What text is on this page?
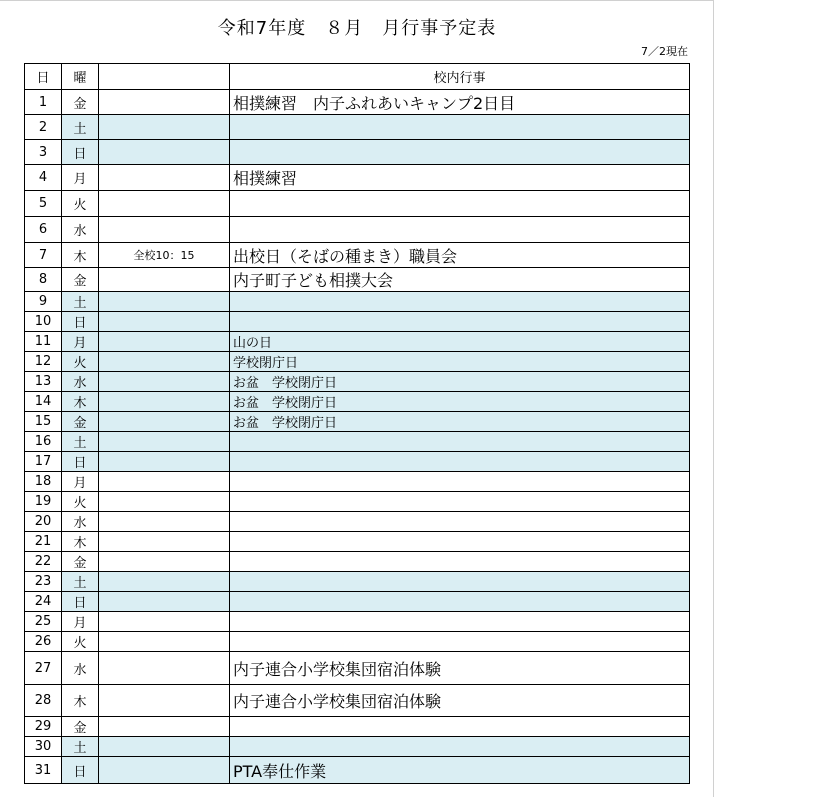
令和7年度　８月　月行事予定表
7／2現在
日	曜		校内行事
1	金		相撲練習　内子ふれあいキャンプ2日目
2	土		
3	日		
4	月		相撲練習
5	火		
6	水		
7	木	全校10：15	出校日（そばの種まき）職員会
8	金		内子町子ども相撲大会
9	土		
10	日		
11	月		山の日
12	火		学校閉庁日
13	水		お盆　学校閉庁日
14	木		お盆　学校閉庁日
15	金		お盆　学校閉庁日
16	土		
17	日		
18	月		
19	火		
20	水		
21	木		
22	金		
23	土		
24	日		
25	月		
26	火		
27	水		内子連合小学校集団宿泊体験
28	木		内子連合小学校集団宿泊体験
29	金		
30	土		
31	日		PTA奉仕作業
